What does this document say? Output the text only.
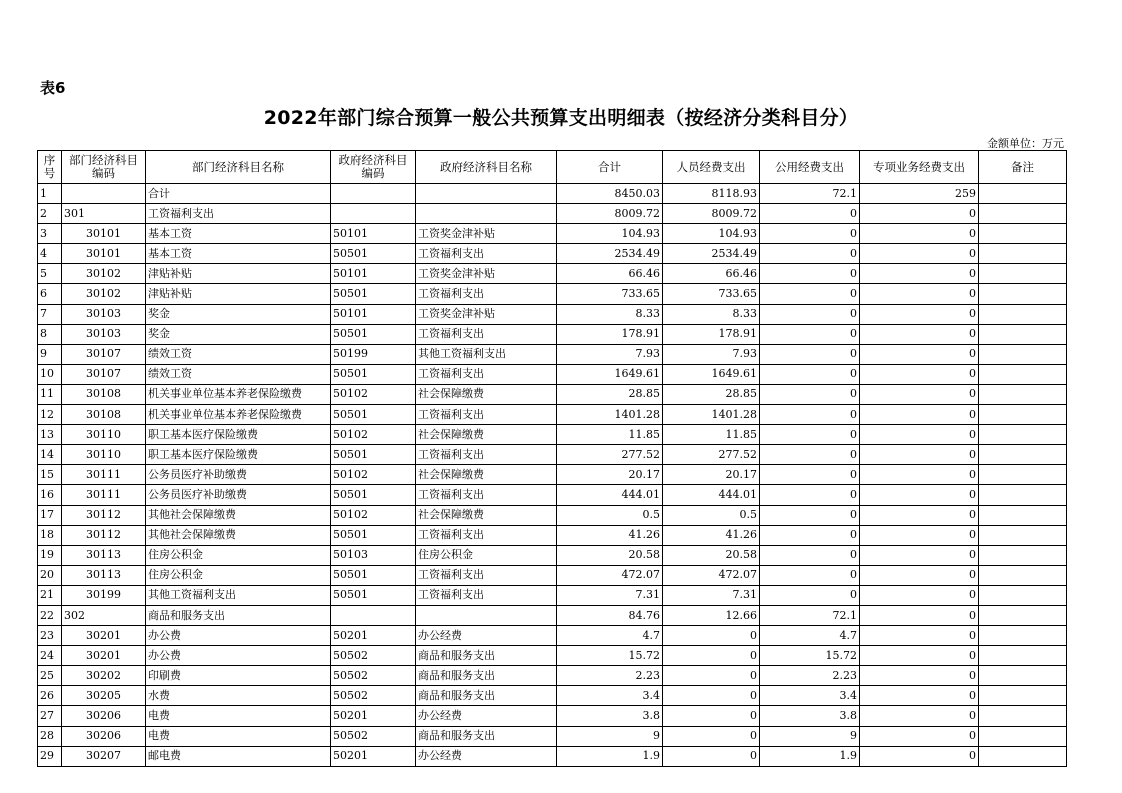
表6
2022年部门综合预算一般公共预算支出明细表（按经济分类科目分）
金额单位：万元
序号	部门经济科目编码	部门经济科目名称	政府经济科目编码	政府经济科目名称	合计	人员经费支出	公用经费支出	专项业务经费支出	备注
1		合计			8450.03	8118.93	72.1	259	
2	301	工资福利支出			8009.72	8009.72	0	0	
3	30101	基本工资	50101	工资奖金津补贴	104.93	104.93	0	0	
4	30101	基本工资	50501	工资福利支出	2534.49	2534.49	0	0	
5	30102	津贴补贴	50101	工资奖金津补贴	66.46	66.46	0	0	
6	30102	津贴补贴	50501	工资福利支出	733.65	733.65	0	0	
7	30103	奖金	50101	工资奖金津补贴	8.33	8.33	0	0	
8	30103	奖金	50501	工资福利支出	178.91	178.91	0	0	
9	30107	绩效工资	50199	其他工资福利支出	7.93	7.93	0	0	
10	30107	绩效工资	50501	工资福利支出	1649.61	1649.61	0	0	
11	30108	机关事业单位基本养老保险缴费	50102	社会保障缴费	28.85	28.85	0	0	
12	30108	机关事业单位基本养老保险缴费	50501	工资福利支出	1401.28	1401.28	0	0	
13	30110	职工基本医疗保险缴费	50102	社会保障缴费	11.85	11.85	0	0	
14	30110	职工基本医疗保险缴费	50501	工资福利支出	277.52	277.52	0	0	
15	30111	公务员医疗补助缴费	50102	社会保障缴费	20.17	20.17	0	0	
16	30111	公务员医疗补助缴费	50501	工资福利支出	444.01	444.01	0	0	
17	30112	其他社会保障缴费	50102	社会保障缴费	0.5	0.5	0	0	
18	30112	其他社会保障缴费	50501	工资福利支出	41.26	41.26	0	0	
19	30113	住房公积金	50103	住房公积金	20.58	20.58	0	0	
20	30113	住房公积金	50501	工资福利支出	472.07	472.07	0	0	
21	30199	其他工资福利支出	50501	工资福利支出	7.31	7.31	0	0	
22	302	商品和服务支出			84.76	12.66	72.1	0	
23	30201	办公费	50201	办公经费	4.7	0	4.7	0	
24	30201	办公费	50502	商品和服务支出	15.72	0	15.72	0	
25	30202	印刷费	50502	商品和服务支出	2.23	0	2.23	0	
26	30205	水费	50502	商品和服务支出	3.4	0	3.4	0	
27	30206	电费	50201	办公经费	3.8	0	3.8	0	
28	30206	电费	50502	商品和服务支出	9	0	9	0	
29	30207	邮电费	50201	办公经费	1.9	0	1.9	0	
